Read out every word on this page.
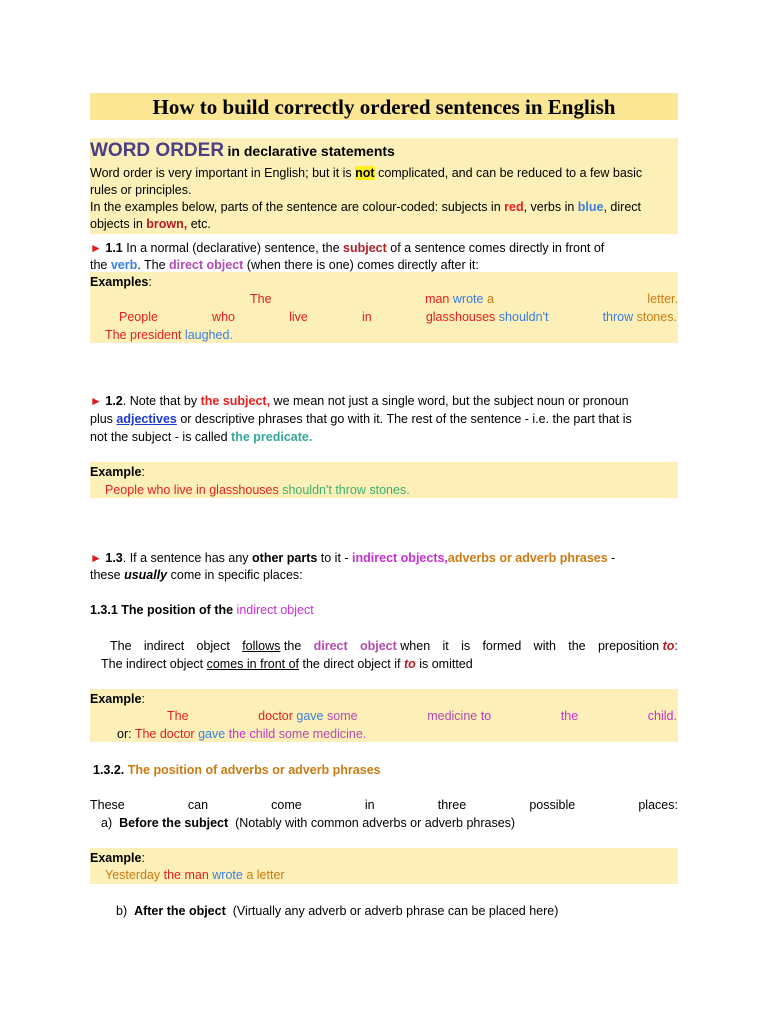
How to build correctly ordered sentences in English
WORD ORDER in declarative statements
Word order is very important in English; but it is not complicated, and can be reduced to a few basic
rules or principles.
In the examples below, parts of the sentence are colour-coded: subjects in red, verbs in blue, direct
objects in brown, etc.
► 1.1 In a normal (declarative) sentence, the subject of a sentence comes directly in front of
the verb. The direct object (when there is one) comes directly after it:
Examples:
The	man wrote a	letter.
People	who	live	in	glasshouses shouldn't	throw stones.
The president laughed.
► 1.2. Note that by the subject, we mean not just a single word, but the subject noun or pronoun
plus adjectives or descriptive phrases that go with it. The rest of the sentence - i.e. the part that is
not the subject - is called the predicate.
Example:
People who live in glasshouses shouldn't throw stones.
► 1.3. If a sentence has any other parts to it - indirect objects,adverbs or adverb phrases -
these usually come in specific places:
1.3.1 The position of the indirect object
The indirect object follows the direct object when it is formed with the preposition to:
The indirect object comes in front of the direct object if to is omitted
Example:
The	doctor gave some	medicine to	the	child.
or: The doctor gave the child some medicine.
1.3.2. The position of adverbs or adverb phrases
These	can	come	in	three	possible	places:
a) Before the subject (Notably with common adverbs or adverb phrases)
Example:
Yesterday the man wrote a letter
b) After the object (Virtually any adverb or adverb phrase can be placed here)
